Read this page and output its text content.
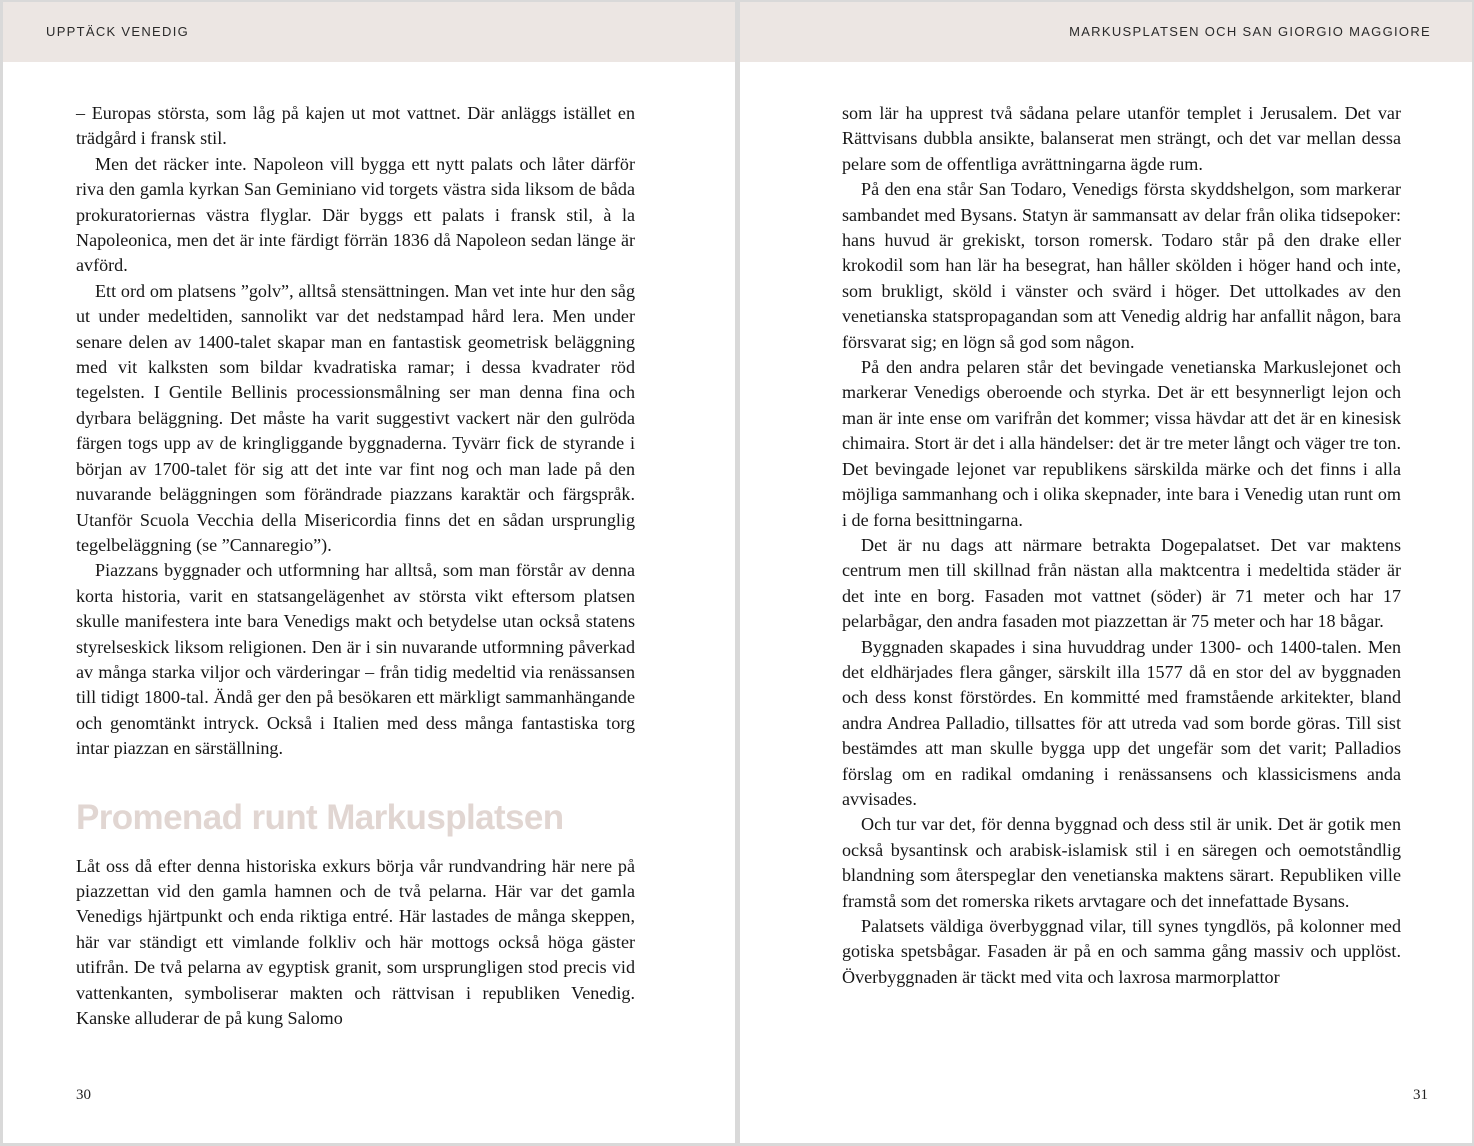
UPPTÄCK VENEDIG

– Europas största, som låg på kajen ut mot vattnet. Där anläggs istället en trädgård i fransk stil.

Men det räcker inte. Napoleon vill bygga ett nytt palats och låter därför riva den gamla kyrkan San Geminiano vid torgets västra sida liksom de båda prokuratoriernas västra flyglar. Där byggs ett palats i fransk stil, à la Napoleonica, men det är inte färdigt förrän 1836 då Napoleon sedan länge är avförd.

Ett ord om platsens ”golv”, alltså stensättningen. Man vet inte hur den såg ut under medeltiden, sannolikt var det nedstampad hård lera. Men under senare delen av 1400-talet skapar man en fantastisk geometrisk beläggning med vit kalksten som bildar kvadratiska ramar; i dessa kvadrater röd tegelsten. I Gentile Bellinis processionsmålning ser man denna fina och dyrbara beläggning. Det måste ha varit suggestivt vackert när den gulröda färgen togs upp av de kringliggande byggnaderna. Tyvärr fick de styrande i början av 1700-talet för sig att det inte var fint nog och man lade på den nuvarande beläggningen som förändrade piazzans karaktär och färgspråk. Utanför Scuola Vecchia della Misericordia finns det en sådan ursprunglig tegelbeläggning (se ”Cannaregio”).

Piazzans byggnader och utformning har alltså, som man förstår av denna korta historia, varit en statsangelägenhet av största vikt eftersom platsen skulle manifestera inte bara Venedigs makt och betydelse utan också statens styrelseskick liksom religionen. Den är i sin nuvarande utformning påverkad av många starka viljor och värderingar – från tidig medeltid via renässansen till tidigt 1800-tal. Ändå ger den på besökaren ett märkligt sammanhängande och genomtänkt intryck. Också i Italien med dess många fantastiska torg intar piazzan en särställning.

Promenad runt Markusplatsen

Låt oss då efter denna historiska exkurs börja vår rundvandring här nere på piazzettan vid den gamla hamnen och de två pelarna. Här var det gamla Venedigs hjärtpunkt och enda riktiga entré. Här lastades de många skeppen, här var ständigt ett vimlande folkliv och här mottogs också höga gäster utifrån. De två pelarna av egyptisk granit, som ursprungligen stod precis vid vattenkanten, symboliserar makten och rättvisan i republiken Venedig. Kanske alluderar de på kung Salomo

30
MARKUSPLATSEN OCH SAN GIORGIO MAGGIORE

som lär ha upprest två sådana pelare utanför templet i Jerusalem. Det var Rättvisans dubbla ansikte, balanserat men strängt, och det var mellan dessa pelare som de offentliga avrättningarna ägde rum.

På den ena står San Todaro, Venedigs första skyddshelgon, som markerar sambandet med Bysans. Statyn är sammansatt av delar från olika tidsepoker: hans huvud är grekiskt, torson romersk. Todaro står på den drake eller krokodil som han lär ha besegrat, han håller skölden i höger hand och inte, som brukligt, sköld i vänster och svärd i höger. Det uttolkades av den venetianska statspropagandan som att Venedig aldrig har anfallit någon, bara försvarat sig; en lögn så god som någon.

På den andra pelaren står det bevingade venetianska Markuslejonet och markerar Venedigs oberoende och styrka. Det är ett besynnerligt lejon och man är inte ense om varifrån det kommer; vissa hävdar att det är en kinesisk chimaira. Stort är det i alla händelser: det är tre meter långt och väger tre ton. Det bevingade lejonet var republikens särskilda märke och det finns i alla möjliga sammanhang och i olika skepnader, inte bara i Venedig utan runt om i de forna besittningarna.

Det är nu dags att närmare betrakta Dogepalatset. Det var maktens centrum men till skillnad från nästan alla maktcentra i medeltida städer är det inte en borg. Fasaden mot vattnet (söder) är 71 meter och har 17 pelarbågar, den andra fasaden mot piazzettan är 75 meter och har 18 bågar.

Byggnaden skapades i sina huvuddrag under 1300- och 1400-talen. Men det eldhärjades flera gånger, särskilt illa 1577 då en stor del av byggnaden och dess konst förstördes. En kommitté med framstående arkitekter, bland andra Andrea Palladio, tillsattes för att utreda vad som borde göras. Till sist bestämdes att man skulle bygga upp det ungefär som det varit; Palladios förslag om en radikal omdaning i renässansens och klassicismens anda avvisades.

Och tur var det, för denna byggnad och dess stil är unik. Det är gotik men också bysantinsk och arabisk-islamisk stil i en säregen och oemotståndlig blandning som återspeglar den venetianska maktens särart. Republiken ville framstå som det romerska rikets arvtagare och det innefattade Bysans.

Palatsets väldiga överbyggnad vilar, till synes tyngdlös, på kolonner med gotiska spetsbågar. Fasaden är på en och samma gång massiv och upplöst. Överbyggnaden är täckt med vita och laxrosa marmorplattor

31
